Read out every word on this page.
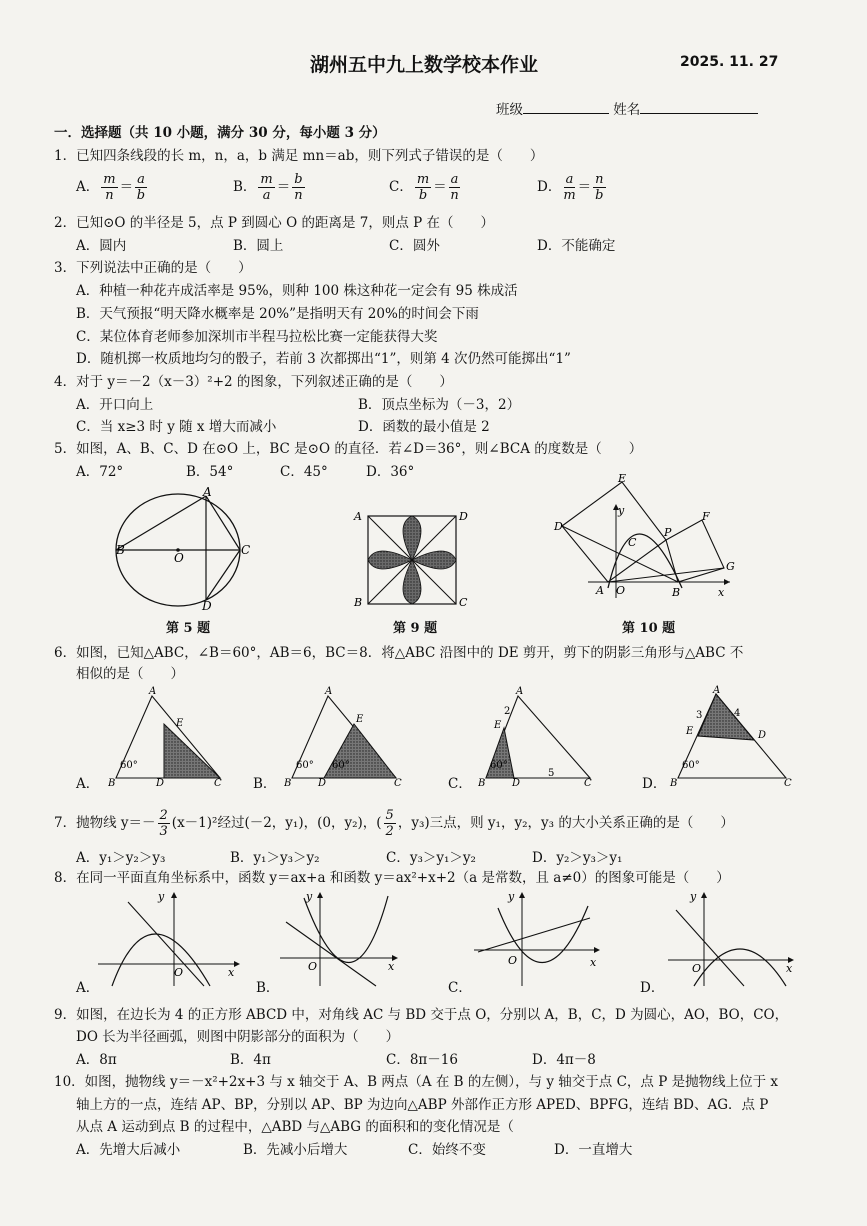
湖州五中九上数学校本作业	2025. 11. 27
班级	姓名
一．选择题（共 10 小题，满分 30 分，每小题 3 分）
1．已知四条线段的长 m，n，a，b 满足 mn＝ab，则下列式子错误的是（　　）
A． $\frac{m}{n} = \frac{a}{b}$	B． $\frac{m}{a} = \frac{b}{n}$	C． $\frac{m}{b} = \frac{a}{n}$	D． $\frac{a}{m} = \frac{n}{b}$
2．已知⊙O 的半径是 5，点 P 到圆心 O 的距离是 7，则点 P 在（　　）
A．圆内	B．圆上	C．圆外	D．不能确定
3．下列说法中正确的是（　　）
A．种植一种花卉成活率是 95%，则种 100 株这种花一定会有 95 株成活
B．天气预报“明天降水概率是 20%”是指明天有 20%的时间会下雨
C．某位体育老师参加深圳市半程马拉松比赛一定能获得大奖
D．随机掷一枚质地均匀的骰子，若前 3 次都掷出“1”，则第 4 次仍然可能掷出“1”
4．对于 y＝－2（x－3）²+2 的图象，下列叙述正确的是（　　）
A．开口向上	B．顶点坐标为（－3，2）
C．当 x≥3 时 y 随 x 增大而减小	D．函数的最小值是 2
5．如图，A、B、C、D 在⊙O 上，BC 是⊙O 的直径．若∠D＝36°，则∠BCA 的度数是（　　）
A．72°	B．54°	C．45°	D．36°
A
B
O
C
D
A	D
B	C
E
y
D
F
C
P
G
A O	B	x
第 5 题	第 9 题	第 10 题
6．如图，已知△ABC，∠B＝60°，AB＝6，BC＝8．将△ABC 沿图中的 DE 剪开，剪下的阴影三角形与△ABC 不
相似的是（　　）
A．
A
E
60°
B	D	C B．
A
E
60° 60°
B	D	C	C．
A
2
E
60°
B	D
5
C	D．
A
3	4
E	D
60°
B	C
7．抛物线 $y=- \frac{2}{3} (x-1)^2$经过(－2，y₁)，(0，y₂)，( $\frac{5}{2}$ ，y₃)三点，则 y₁，y₂，y₃ 的大小关系正确的是（　　）
A．y₁＞y₂＞y₃	B．y₁＞y₃＞y₂	C．y₃＞y₁＞y₂	D．y₂＞y₃＞y₁
8．在同一平面直角坐标系中，函数 y＝ax+a 和函数 y＝ax²+x+2（a 是常数，且 a≠0）的图象可能是（　　）
A．
y
O	x
B．
y
O	x
C．
y
O	x
D．
y
O	x
9．如图，在边长为 4 的正方形 ABCD 中，对角线 AC 与 BD 交于点 O，分别以 A，B，C，D 为圆心，AO，BO，CO，
DO 长为半径画弧，则图中阴影部分的面积为（　　）
A．8π	B．4π	C．8π－16	D．4π－8
10．如图，抛物线 y＝－x²+2x+3 与 x 轴交于 A、B 两点（A 在 B 的左侧），与 y 轴交于点 C，点 P 是抛物线上位于 x
轴上方的一点，连结 AP、BP，分别以 AP、BP 为边向△ABP 外部作正方形 APED、BPFG，连结 BD、AG．点 P
从点 A 运动到点 B 的过程中，△ABD 与△ABG 的面积和的变化情况是（
A．先增大后减小	B．先减小后增大	C．始终不变	D．一直增大
